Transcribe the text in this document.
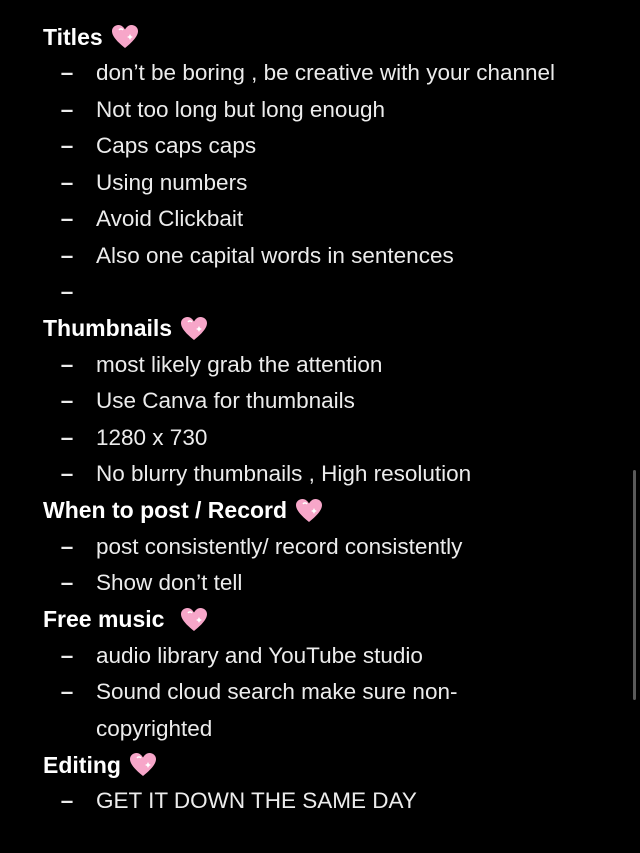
Titles
– don’t be boring , be creative with your channel
– Not too long but long enough
– Caps caps caps
– Using numbers
– Avoid Clickbait
– Also one capital words in sentences
–

Thumbnails
– most likely grab the attention
– Use Canva for thumbnails
– 1280 x 730
– No blurry thumbnails , High resolution
When to post / Record
– post consistently/ record consistently
– Show don’t tell
Free music
– audio library and YouTube studio
– Sound cloud search make sure non-copyrighted
Editing
– GET IT DOWN THE SAME DAY
